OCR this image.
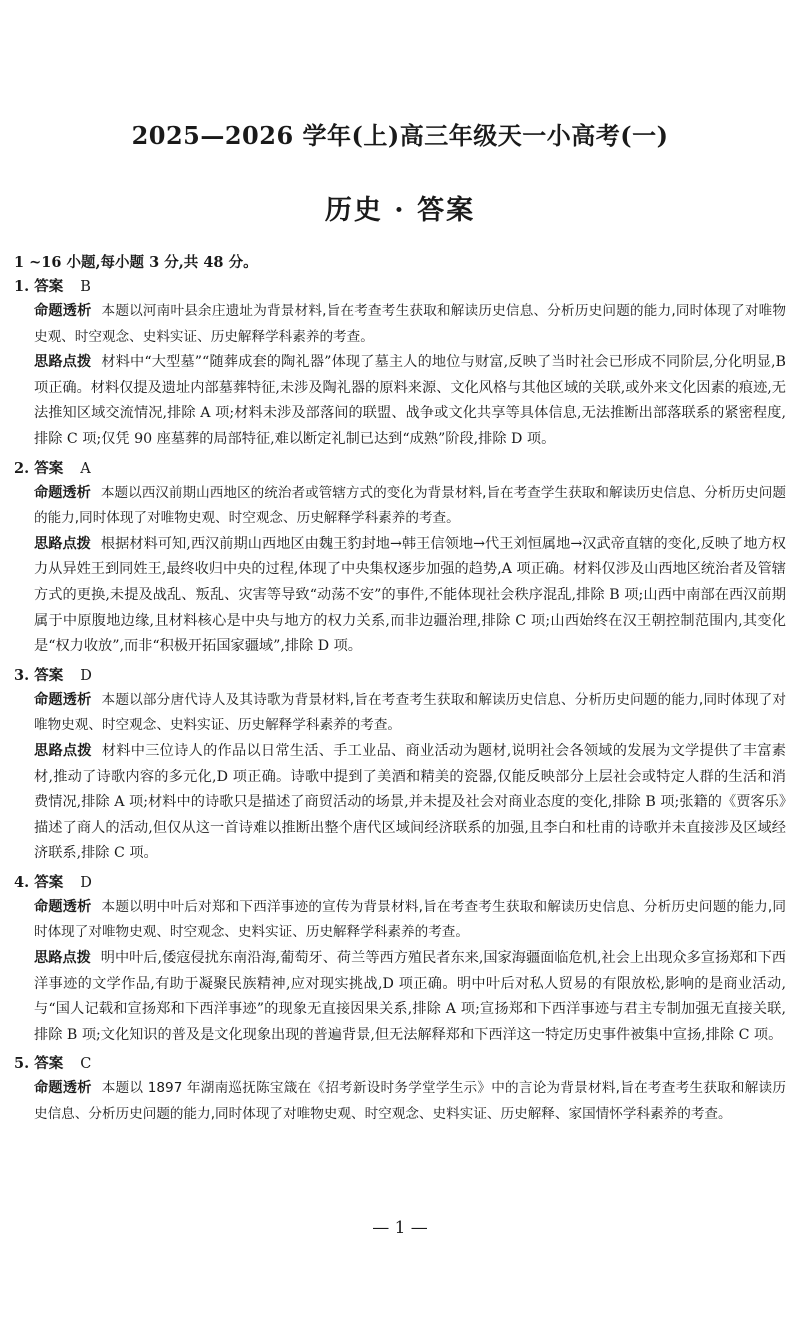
2025—2026 学年(上)高三年级天一小高考(一)
历史 · 答案
1 ~16 小题,每小题 3 分,共 48 分。
1. 答案 B
命题透析 本题以河南叶县余庄遗址为背景材料,旨在考查考生获取和解读历史信息、分析历史问题的能力,同时体现了对唯物史观、时空观念、史料实证、历史解释学科素养的考查。
思路点拨 材料中“大型墓”“随葬成套的陶礼器”体现了墓主人的地位与财富,反映了当时社会已形成不同阶层,分化明显,B 项正确。材料仅提及遗址内部墓葬特征,未涉及陶礼器的原料来源、文化风格与其他区域的关联,或外来文化因素的痕迹,无法推知区域交流情况,排除 A 项;材料未涉及部落间的联盟、战争或文化共享等具体信息,无法推断出部落联系的紧密程度,排除 C 项;仅凭 90 座墓葬的局部特征,难以断定礼制已达到“成熟”阶段,排除 D 项。
2. 答案 A
命题透析 本题以西汉前期山西地区的统治者或管辖方式的变化为背景材料,旨在考查学生获取和解读历史信息、分析历史问题的能力,同时体现了对唯物史观、时空观念、历史解释学科素养的考查。
思路点拨 根据材料可知,西汉前期山西地区由魏王豹封地→韩王信领地→代王刘恒属地→汉武帝直辖的变化,反映了地方权力从异姓王到同姓王,最终收归中央的过程,体现了中央集权逐步加强的趋势,A 项正确。材料仅涉及山西地区统治者及管辖方式的更换,未提及战乱、叛乱、灾害等导致“动荡不安”的事件,不能体现社会秩序混乱,排除 B 项;山西中南部在西汉前期属于中原腹地边缘,且材料核心是中央与地方的权力关系,而非边疆治理,排除 C 项;山西始终在汉王朝控制范围内,其变化是“权力收放”,而非“积极开拓国家疆域”,排除 D 项。
3. 答案 D
命题透析 本题以部分唐代诗人及其诗歌为背景材料,旨在考查考生获取和解读历史信息、分析历史问题的能力,同时体现了对唯物史观、时空观念、史料实证、历史解释学科素养的考查。
思路点拨 材料中三位诗人的作品以日常生活、手工业品、商业活动为题材,说明社会各领域的发展为文学提供了丰富素材,推动了诗歌内容的多元化,D 项正确。诗歌中提到了美酒和精美的瓷器,仅能反映部分上层社会或特定人群的生活和消费情况,排除 A 项;材料中的诗歌只是描述了商贸活动的场景,并未提及社会对商业态度的变化,排除 B 项;张籍的《贾客乐》描述了商人的活动,但仅从这一首诗难以推断出整个唐代区域间经济联系的加强,且李白和杜甫的诗歌并未直接涉及区域经济联系,排除 C 项。
4. 答案 D
命题透析 本题以明中叶后对郑和下西洋事迹的宣传为背景材料,旨在考查考生获取和解读历史信息、分析历史问题的能力,同时体现了对唯物史观、时空观念、史料实证、历史解释学科素养的考查。
思路点拨 明中叶后,倭寇侵扰东南沿海,葡萄牙、荷兰等西方殖民者东来,国家海疆面临危机,社会上出现众多宣扬郑和下西洋事迹的文学作品,有助于凝聚民族精神,应对现实挑战,D 项正确。明中叶后对私人贸易的有限放松,影响的是商业活动,与“国人记载和宣扬郑和下西洋事迹”的现象无直接因果关系,排除 A 项;宣扬郑和下西洋事迹与君主专制加强无直接关联,排除 B 项;文化知识的普及是文化现象出现的普遍背景,但无法解释郑和下西洋这一特定历史事件被集中宣扬,排除 C 项。
5. 答案 C
命题透析 本题以 1897 年湖南巡抚陈宝箴在《招考新设时务学堂学生示》中的言论为背景材料,旨在考查考生获取和解读历史信息、分析历史问题的能力,同时体现了对唯物史观、时空观念、史料实证、历史解释、家国情怀学科素养的考查。
— 1 —
